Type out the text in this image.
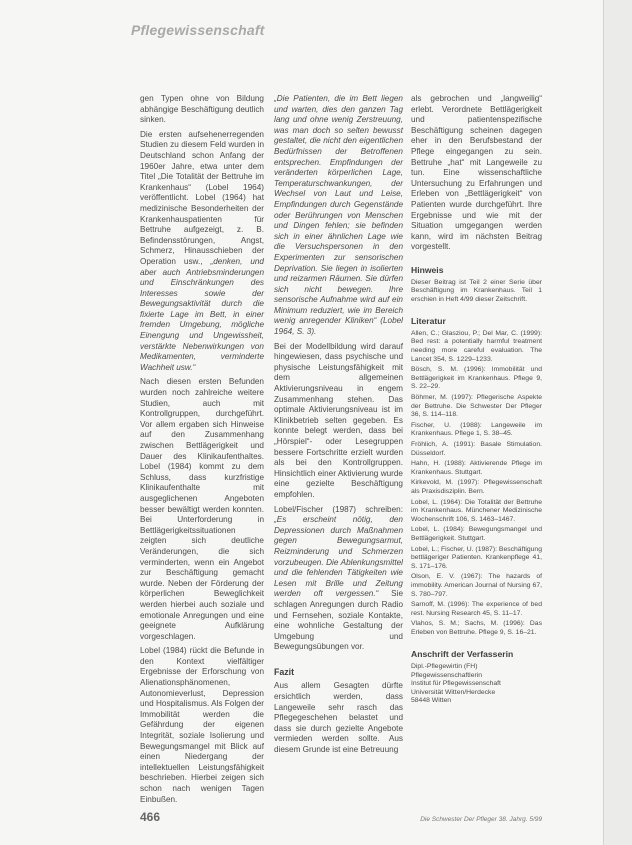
Pflegewissenschaft

gen Typen ohne von Bildung abhängige Beschäftigung deutlich sinken.

Die ersten aufsehenerregenden Studien zu diesem Feld wurden in Deutschland schon Anfang der 1960er Jahre, etwa unter dem Titel „Die Totalität der Bettruhe im Krankenhaus“ (Lobel 1964) veröffentlicht. Lobel (1964) hat medizinische Besonderheiten der Krankenhauspatienten für Bettruhe aufgezeigt, z. B. Befindensstörungen, Angst, Schmerz, Hinausschieben der Operation usw., „denken, und aber auch Antriebsminderungen und Einschränkungen des Interesses sowie der Bewegungsaktivität durch die fixierte Lage im Bett, in einer fremden Umgebung, mögliche Einengung und Ungewissheit, verstärkte Nebenwirkungen von Medikamenten, verminderte Wachheit usw.“

Nach diesen ersten Befunden wurden noch zahlreiche weitere Studien, auch mit Kontrollgruppen, durchgeführt. Vor allem ergaben sich Hinweise auf den Zusammenhang zwischen Bettlägerigkeit und Dauer des Klinikaufenthaltes. Lobel (1984) kommt zu dem Schluss, dass kurzfristige Klinikaufenthalte mit ausgeglichenen Angeboten besser bewältigt werden konnten. Bei Unterforderung in Bettlägerigkeitssituationen zeigten sich deutliche Veränderungen, die sich verminderten, wenn ein Angebot zur Beschäftigung gemacht wurde. Neben der Förderung der körperlichen Beweglichkeit werden hierbei auch soziale und emotionale Anregungen und eine geeignete Aufklärung vorgeschlagen.

Lobel (1984) rückt die Befunde in den Kontext vielfältiger Ergebnisse der Erforschung von Alienationsphänomenen, Autonomieverlust, Depression und Hospitalismus. Als Folgen der Immobilität werden die Gefährdung der eigenen Integrität, soziale Isolierung und Bewegungsmangel mit Blick auf einen Niedergang der intellektuellen Leistungsfähigkeit beschrieben. Hierbei zeigen sich schon nach wenigen Tagen Einbußen.

„Die Patienten, die im Bett liegen und warten, dies den ganzen Tag lang und ohne wenig Zerstreuung, was man doch so selten bewusst gestaltet, die nicht den eigentlichen Bedürfnissen der Betroffenen entsprechen. Empfindungen der veränderten körperlichen Lage, Temperaturschwankungen, der Wechsel von Laut und Leise, Empfindungen durch Gegenstände oder Berührungen von Menschen und Dingen fehlen; sie befinden sich in einer ähnlichen Lage wie die Versuchspersonen in den Experimenten zur sensorischen Deprivation. Sie liegen in isolierten und reizarmen Räumen. Sie dürfen sich nicht bewegen. Ihre sensorische Aufnahme wird auf ein Minimum reduziert, wie im Bereich wenig anregender Kliniken“ (Lobel 1964, S. 3).

Bei der Modellbildung wird darauf hingewiesen, dass psychische und physische Leistungsfähigkeit mit dem allgemeinen Aktivierungsniveau in engem Zusammenhang stehen. Das optimale Aktivierungsniveau ist im Klinikbetrieb selten gegeben. Es konnte belegt werden, dass bei „Hörspiel“- oder Lesegruppen bessere Fortschritte erzielt wurden als bei den Kontrollgruppen. Hinsichtlich einer Aktivierung wurde eine gezielte Beschäftigung empfohlen.

Lobel/Fischer (1987) schreiben: „Es erscheint nötig, den Depressionen durch Maßnahmen gegen Bewegungsarmut, Reizminderung und Schmerzen vorzubeugen. Die Ablenkungsmittel und die fehlenden Tätigkeiten wie Lesen mit Brille und Zeitung werden oft vergessen.“ Sie schlagen Anregungen durch Radio und Fernsehen, soziale Kontakte, eine wohnliche Gestaltung der Umgebung und Bewegungsübungen vor.

Fazit

Aus allem Gesagten dürfte ersichtlich werden, dass Langeweile sehr rasch das Pflegegeschehen belastet und dass sie durch gezielte Angebote vermieden werden sollte. Aus diesem Grunde ist eine Betreuung

als gebrochen und „langweilig“ erlebt. Verordnete Bettlägerigkeit und patientenspezifische Beschäftigung scheinen dagegen eher in den Berufsbestand der Pflege eingegangen zu sein. Bettruhe „hat“ mit Langeweile zu tun. Eine wissenschaftliche Untersuchung zu Erfahrungen und Erleben von „Bettlägerigkeit“ von Patienten wurde durchgeführt. Ihre Ergebnisse und wie mit der Situation umgegangen werden kann, wird im nächsten Beitrag vorgestellt.

Hinweis

Dieser Beitrag ist Teil 2 einer Serie über Beschäftigung im Krankenhaus. Teil 1 erschien in Heft 4/99 dieser Zeitschrift.

Literatur

Allen, C.; Glasziou, P.; Del Mar, C. (1999): Bed rest: a potentially harmful treatment needing more careful evaluation. The Lancet 354, S. 1229–1233.

Bösch, S. M. (1996): Immobilität und Bettlägerigkeit im Krankenhaus. Pflege 9, S. 22–29.

Böhmer, M. (1997): Pflegerische Aspekte der Bettruhe. Die Schwester Der Pfleger 36, S. 114–118.

Fischer, U. (1988): Langeweile im Krankenhaus. Pflege 1, S. 38–45.

Fröhlich, A. (1991): Basale Stimulation. Düsseldorf.

Hahn, H. (1988): Aktivierende Pflege im Krankenhaus. Stuttgart.

Kirkevold, M. (1997): Pflegewissenschaft als Praxisdisziplin. Bern.

Lobel, L. (1964): Die Totalität der Bettruhe im Krankenhaus. Münchener Medizinische Wochenschrift 106, S. 1463–1467.

Lobel, L. (1984): Bewegungsmangel und Bettlägerigkeit. Stuttgart.

Lobel, L.; Fischer, U. (1987): Beschäftigung bettlägeriger Patienten. Krankenpflege 41, S. 171–176.

Olson, E. V. (1967): The hazards of immobility. American Journal of Nursing 67, S. 780–797.

Sarnoff, M. (1996): The experience of bed rest. Nursing Research 45, S. 11–17.

Vlahos, S. M.; Sachs, M. (1996): Das Erleben von Bettruhe. Pflege 9, S. 16–21.

Anschrift der Verfasserin
Dipl.-Pflegewirtin (FH)
Pflegewissenschaftlerin
Institut für Pflegewissenschaft
Universität Witten/Herdecke
58448 Witten
466	Die Schwester Der Pfleger 38. Jahrg. 5/99
